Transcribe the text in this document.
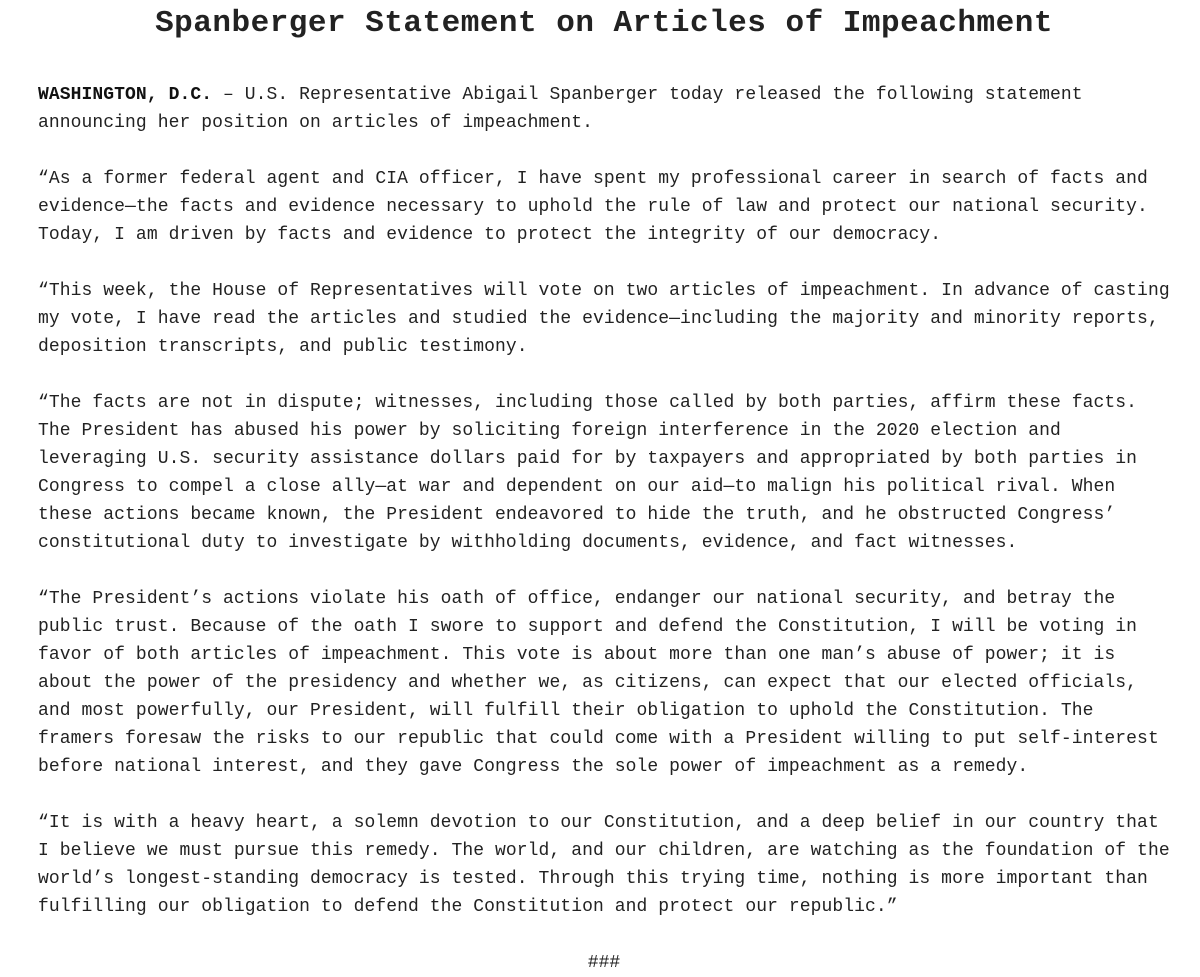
Spanberger Statement on Articles of Impeachment

WASHINGTON, D.C. – U.S. Representative Abigail Spanberger today released the following statement announcing her position on articles of impeachment.

“As a former federal agent and CIA officer, I have spent my professional career in search of facts and evidence—the facts and evidence necessary to uphold the rule of law and protect our national security. Today, I am driven by facts and evidence to protect the integrity of our democracy.

“This week, the House of Representatives will vote on two articles of impeachment. In advance of casting my vote, I have read the articles and studied the evidence—including the majority and minority reports, deposition transcripts, and public testimony.

“The facts are not in dispute; witnesses, including those called by both parties, affirm these facts. The President has abused his power by soliciting foreign interference in the 2020 election and leveraging U.S. security assistance dollars paid for by taxpayers and appropriated by both parties in Congress to compel a close ally—at war and dependent on our aid—to malign his political rival. When these actions became known, the President endeavored to hide the truth, and he obstructed Congress’ constitutional duty to investigate by withholding documents, evidence, and fact witnesses.

“The President’s actions violate his oath of office, endanger our national security, and betray the public trust. Because of the oath I swore to support and defend the Constitution, I will be voting in favor of both articles of impeachment. This vote is about more than one man’s abuse of power; it is about the power of the presidency and whether we, as citizens, can expect that our elected officials, and most powerfully, our President, will fulfill their obligation to uphold the Constitution. The framers foresaw the risks to our republic that could come with a President willing to put self-interest before national interest, and they gave Congress the sole power of impeachment as a remedy.

“It is with a heavy heart, a solemn devotion to our Constitution, and a deep belief in our country that I believe we must pursue this remedy. The world, and our children, are watching as the foundation of the world’s longest-standing democracy is tested. Through this trying time, nothing is more important than fulfilling our obligation to defend the Constitution and protect our republic.”

###
